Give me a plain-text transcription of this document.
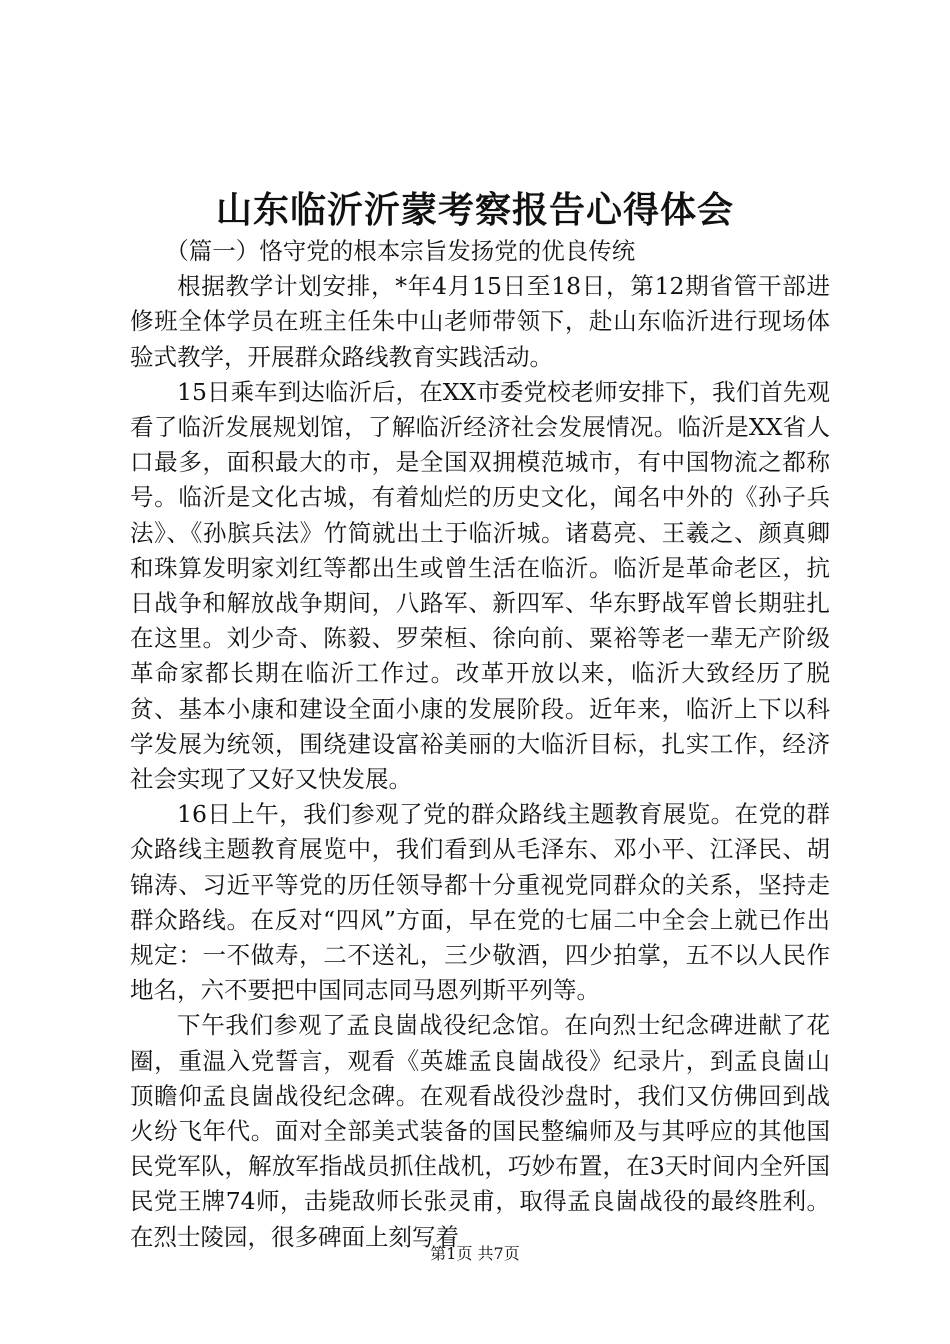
山东临沂沂蒙考察报告心得体会

（篇一）恪守党的根本宗旨发扬党的优良传统

根据教学计划安排，*年4月15日至18日，第12期省管干部进修班全体学员在班主任朱中山老师带领下，赴山东临沂进行现场体验式教学，开展群众路线教育实践活动。

15日乘车到达临沂后，在XX市委党校老师安排下，我们首先观看了临沂发展规划馆，了解临沂经济社会发展情况。临沂是XX省人口最多，面积最大的市，是全国双拥模范城市，有中国物流之都称号。临沂是文化古城，有着灿烂的历史文化，闻名中外的《孙子兵法》、《孙膑兵法》竹简就出土于临沂城。诸葛亮、王羲之、颜真卿和珠算发明家刘红等都出生或曾生活在临沂。临沂是革命老区，抗日战争和解放战争期间，八路军、新四军、华东野战军曾长期驻扎在这里。刘少奇、陈毅、罗荣桓、徐向前、粟裕等老一辈无产阶级革命家都长期在临沂工作过。改革开放以来，临沂大致经历了脱贫、基本小康和建设全面小康的发展阶段。近年来，临沂上下以科学发展为统领，围绕建设富裕美丽的大临沂目标，扎实工作，经济社会实现了又好又快发展。

16日上午，我们参观了党的群众路线主题教育展览。在党的群众路线主题教育展览中，我们看到从毛泽东、邓小平、江泽民、胡锦涛、习近平等党的历任领导都十分重视党同群众的关系，坚持走群众路线。在反对“四风”方面，早在党的七届二中全会上就已作出规定：一不做寿，二不送礼，三少敬酒，四少拍掌，五不以人民作地名，六不要把中国同志同马恩列斯平列等。

下午我们参观了孟良崮战役纪念馆。在向烈士纪念碑进献了花圈，重温入党誓言，观看《英雄孟良崮战役》纪录片，到孟良崮山顶瞻仰孟良崮战役纪念碑。在观看战役沙盘时，我们又仿佛回到战火纷飞年代。面对全部美式装备的国民整编师及与其呼应的其他国民党军队，解放军指战员抓住战机，巧妙布置，在3天时间内全歼国民党王牌74师，击毙敌师长张灵甫，取得孟良崮战役的最终胜利。在烈士陵园，很多碑面上刻写着

第1页 共7页
